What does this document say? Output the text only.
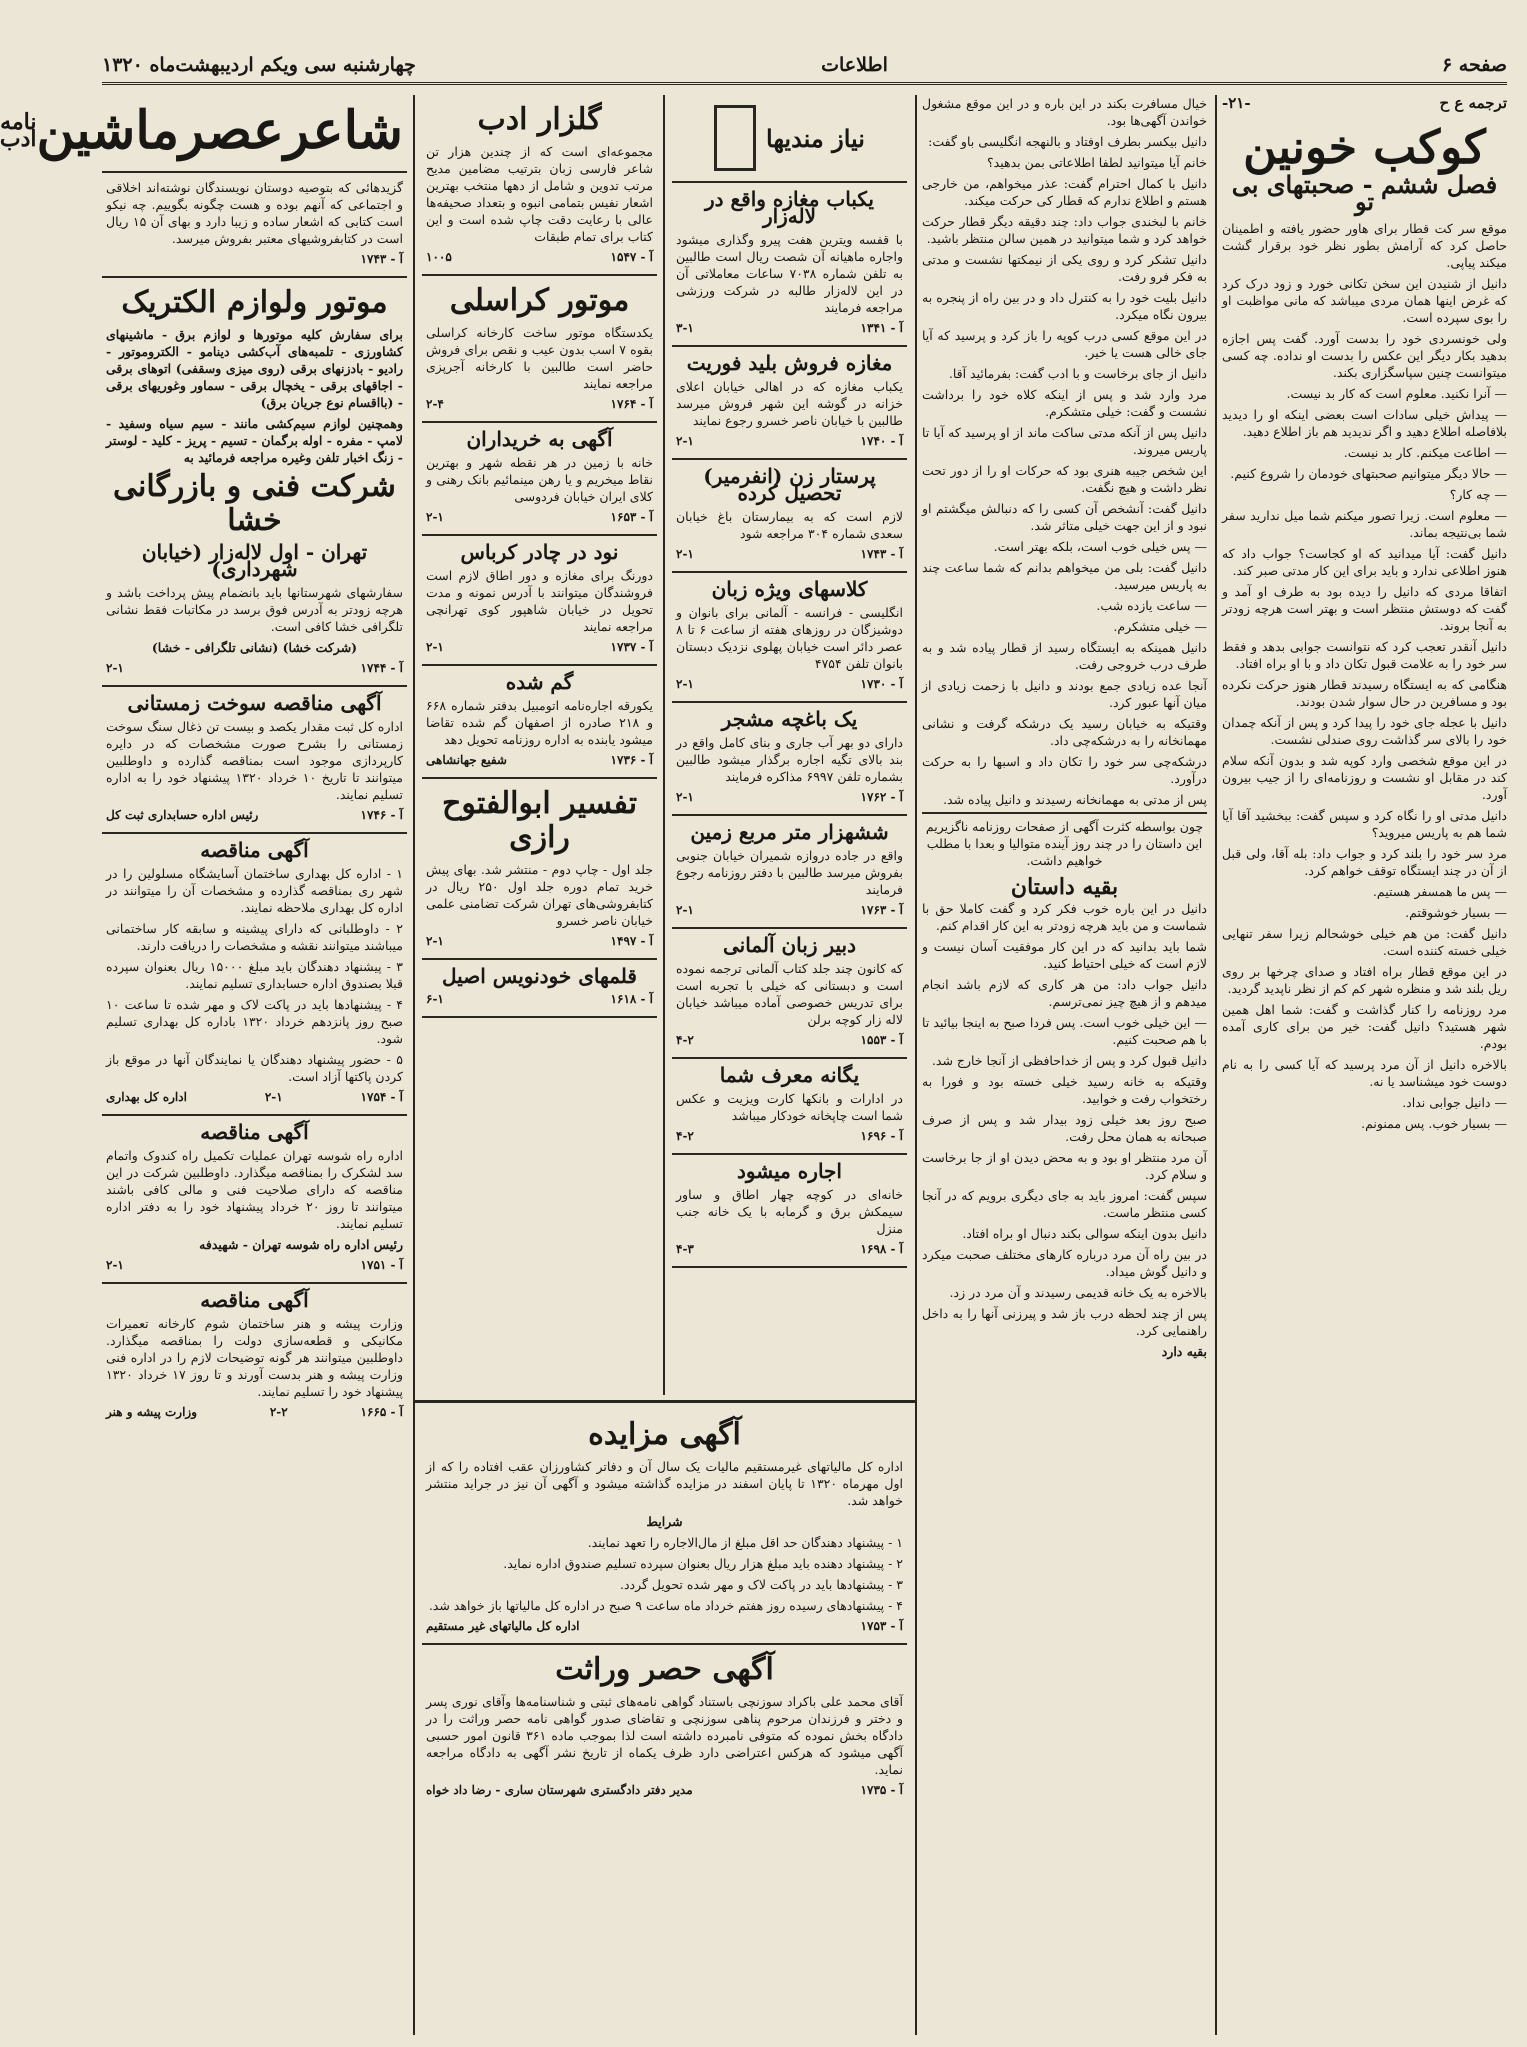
صفحه ۶
اطلاعات
چهارشنبه سی ویکم اردیبهشت‌ماه ۱۳۲۰
ترجمه ع ‌‌‌ح
-۲۱-
کوکب خونین
فصل ششم - صحبتهای بی تو

موقع سر کت قطار برای هاور حضور یافته و اطمینان حاصل کرد که آرامش بطور نظر خود برقرار گشت میکند پیاپی.

دانیل از شنیدن این سخن تکانی خورد و زود درک کرد که غرض اینها همان مردی میباشد که مانی مواظبت او را بوی سپرده است.

ولی خونسردی خود را بدست آورد. گفت پس اجازه بدهید بکار دیگر این عکس را بدست او نداده. چه کسی میتوانست چنین سپاسگزاری بکند.

— آنرا نکنید. معلوم است که کار بد نیست.

— پیداش خیلی سادات است بعضی اینکه او را دیدید بلافاصله اطلاع دهید و اگر ندیدید هم باز اطلاع دهید.

— اطاعت میکنم. کار بد نیست.

— حالا دیگر میتوانیم صحبتهای خودمان را شروع کنیم.

— چه کار؟

— معلوم است. زیرا تصور میکنم شما میل ندارید سفر شما بی‌نتیجه بماند.

دانیل گفت: آیا میدانید که او کجاست؟ جواب داد که هنوز اطلاعی ندارد و باید برای این کار مدتی صبر کند.

اتفاقا مردی که دانیل را دیده بود به طرف او آمد و گفت که دوستش منتظر است و بهتر است هرچه زودتر به آنجا بروند.

دانیل آنقدر تعجب کرد که نتوانست جوابی بدهد و فقط سر خود را به علامت قبول تکان داد و با او براه افتاد.

هنگامی که به ایستگاه رسیدند قطار هنوز حرکت نکرده بود و مسافرین در حال سوار شدن بودند.

دانیل با عجله جای خود را پیدا کرد و پس از آنکه چمدان خود را بالای سر گذاشت روی صندلی نشست.

در این موقع شخصی وارد کوپه شد و بدون آنکه سلام کند در مقابل او نشست و روزنامه‌ای را از جیب بیرون آورد.

دانیل مدتی او را نگاه کرد و سپس گفت: ببخشید آقا آیا شما هم به پاریس میروید؟

مرد سر خود را بلند کرد و جواب داد: بله آقا، ولی قبل از آن در چند ایستگاه توقف خواهم کرد.

— پس ما همسفر هستیم.

— بسیار خوشوقتم.

دانیل گفت: من هم خیلی خوشحالم زیرا سفر تنهایی خیلی خسته کننده است.

در این موقع قطار براه افتاد و صدای چرخها بر روی ریل بلند شد و منظره شهر کم کم از نظر ناپدید گردید.

مرد روزنامه را کنار گذاشت و گفت: شما اهل همین شهر هستید؟ دانیل گفت: خیر من برای کاری آمده بودم.

بالاخره دانیل از آن مرد پرسید که آیا کسی را به نام دوست خود میشناسد یا نه.

— دانیل جوابی نداد.

— بسیار خوب. پس ممنونم.

خیال مسافرت بکند در این باره و در این موقع مشغول خواندن آگهی‌ها بود.

دانیل بیکسر بطرف اوفتاد و بالنهجه انگلیسی باو گفت:

خانم آیا میتوانید لطفا اطلاعاتی بمن بدهید؟

دانیل با کمال احترام گفت: عذر میخواهم، من خارجی هستم و اطلاع ندارم که قطار کی حرکت میکند.

خانم با لبخندی جواب داد: چند دقیقه دیگر قطار حرکت خواهد کرد و شما میتوانید در همین سالن منتظر باشید.

دانیل تشکر کرد و روی یکی از نیمکتها نشست و مدتی به فکر فرو رفت.

دانیل بلیت خود را به کنترل داد و در بین راه از پنجره به بیرون نگاه میکرد.

در این موقع کسی درب کوپه را باز کرد و پرسید که آیا جای خالی هست یا خیر.

دانیل از جای برخاست و با ادب گفت: بفرمائید آقا.

مرد وارد شد و پس از اینکه کلاه خود را برداشت نشست و گفت: خیلی متشکرم.

دانیل پس از آنکه مدتی ساکت ماند از او پرسید که آیا تا پاریس میروند.

این شخص جیبه هنری بود که حرکات او را از دور تحت نظر داشت و هیچ نگفت.

دانیل گفت: آنشخص آن کسی را که دنبالش میگشتم او نبود و از این جهت خیلی متاثر شد.

— پس خیلی خوب است، بلکه بهتر است.

دانیل گفت: بلی من میخواهم بدانم که شما ساعت چند به پاریس میرسید.

— ساعت یازده شب.

— خیلی متشکرم.

دانیل همینکه به ایستگاه رسید از قطار پیاده شد و به طرف درب خروجی رفت.

آنجا عده زیادی جمع بودند و دانیل با زحمت زیادی از میان آنها عبور کرد.

وقتیکه به خیابان رسید یک درشکه گرفت و نشانی مهمانخانه را به درشکه‌چی داد.

درشکه‌چی سر خود را تکان داد و اسبها را به حرکت درآورد.

پس از مدتی به مهمانخانه رسیدند و دانیل پیاده شد.

چون بواسطه کثرت آگهی از صفحات روزنامه ناگزیریم این داستان را در چند روز آینده متوالیا و بعدا با مطلب خواهیم داشت.

بقیه داستان

دانیل در این باره خوب فکر کرد و گفت کاملا حق با شماست و من باید هرچه زودتر به این کار اقدام کنم.

شما باید بدانید که در این کار موفقیت آسان نیست و لازم است که خیلی احتیاط کنید.

دانیل جواب داد: من هر کاری که لازم باشد انجام میدهم و از هیچ چیز نمی‌ترسم.

— این خیلی خوب است. پس فردا صبح به اینجا بیائید تا با هم صحبت کنیم.

دانیل قبول کرد و پس از خداحافظی از آنجا خارج شد.

وقتیکه به خانه رسید خیلی خسته بود و فورا به رختخواب رفت و خوابید.

صبح روز بعد خیلی زود بیدار شد و پس از صرف صبحانه به همان محل رفت.

آن مرد منتظر او بود و به محض دیدن او از جا برخاست و سلام کرد.

سپس گفت: امروز باید به جای دیگری برویم که در آنجا کسی منتظر ماست.

دانیل بدون اینکه سوالی بکند دنبال او براه افتاد.

در بین راه آن مرد درباره کارهای مختلف صحبت میکرد و دانیل گوش میداد.

بالاخره به یک خانه قدیمی رسیدند و آن مرد در زد.

پس از چند لحظه درب باز شد و پیرزنی آنها را به داخل راهنمایی کرد.

بقیه دارد

نیاز مندیها
یکباب مغازه واقع در لاله‌زار

با قفسه ویترین هفت پیرو وگذاری میشود واجاره ماهیانه آن شصت ریال است طالبین به تلفن شماره ۷۰۳۸ ساعات معاملاتی آن در این لاله‌زار طالبه در شرکت ورزشی مراجعه فرمایند

آ - ۱۳۴۱
۳-۱
مغازه فروش بلید فوریت

یکباب مغازه که در اهالی خیابان اعلای خزانه در گوشه این شهر فروش میرسد طالبین با خیابان ناصر خسرو رجوع نمایند

آ - ۱۷۴۰
۲-۱
پرستار زن (انفرمیر) تحصیل کرده

لازم است که به بیمارستان باغ خیابان سعدی شماره ۳۰۴ مراجعه شود

آ - ۱۷۴۳
۲-۱
کلاسهای ویژه زبان

انگلیسی - فرانسه - آلمانی برای بانوان و دوشیزگان در روزهای هفته از ساعت ۶ تا ۸ عصر دائر است خیابان پهلوی نزدیک دبستان بانوان تلفن ۴۷۵۴

آ - ۱۷۳۰
۲-۱
یک باغچه مشجر

دارای دو بهر آب جاری و بنای کامل واقع در بند بالای تگیه اجاره برگذار میشود طالبین بشماره تلفن ۶۹۹۷ مذاکره فرمایند

آ - ۱۷۶۲
۲-۱
ششهزار متر مربع زمین

واقع در جاده دروازه شمیران خیابان جنوبی بفروش میرسد طالبین با دفتر روزنامه رجوع فرمایند

آ - ۱۷۶۳
۲-۱
دبیر زبان آلمانی

که کانون چند جلد کتاب آلمانی ترجمه نموده است و دبستانی که خیلی با تجربه است برای تدریس خصوصی آماده میباشد خیابان لاله زار کوچه برلن

آ - ۱۵۵۳
۴-۲
یگانه معرف شما

در ادارات و بانکها کارت ویزیت و عکس شما است چاپخانه خودکار میباشد

آ - ۱۶۹۶
۴-۲
اجاره میشود

خانه‌ای در کوچه چهار اطاق و ساور سیمکش برق و گرمابه با یک خانه جنب منزل

آ - ۱۶۹۸
۴-۳
گلزار ادب

مجموعه‌ای است که از چندین هزار تن شاعر فارسی زبان بترتیب مضامین مدیح مرتب تدوین و شامل از دهها منتخب بهترین اشعار نفیس بتمامی انبوه و بتعداد صحیفه‌ها عالی با رعایت دقت چاپ شده است و این کتاب برای تمام طبقات

آ - ۱۵۴۷
۱۰۰۵
موتور کراسلی

یکدستگاه موتور ساخت کارخانه کراسلی بقوه ۷ اسب بدون عیب و نقص برای فروش حاضر است طالبین با کارخانه آجرپزی مراجعه نمایند

آ - ۱۷۶۴
۲-۴
آگهی به خریداران

خانه با زمین در هر نقطه شهر و بهترین نقاط میخریم و یا رهن مینمائیم بانک رهنی و کلای ایران خیابان فردوسی

آ - ۱۶۵۳
۲-۱
نود در چادر کرباس

دورنگ برای مغازه و دور اطاق لازم است فروشندگان میتوانند با آدرس نمونه و مدت تحویل در خیابان شاهپور کوی تهرانچی مراجعه نمایند

آ - ۱۷۳۷
۲-۱
گم شده

یکورقه اجاره‌نامه اتومبیل بدفتر شماره ۶۶۸ و ۲۱۸ صادره از اصفهان گم شده تقاضا میشود یابنده به اداره روزنامه تحویل دهد

آ - ۱۷۳۶
شفیع جهانشاهی
تفسیر ابوالفتوح رازی

جلد اول - چاپ دوم - منتشر شد. بهای پیش خرید تمام دوره جلد اول ۲۵۰ ریال در کتابفروشی‌های تهران شرکت تضامنی علمی خیابان ناصر خسرو

آ - ۱۴۹۷
۲-۱
قلمهای خودنویس اصیل
آ - ۱۶۱۸
۶-۱
آگهی مزایده

اداره کل مالیاتهای غیرمستقیم مالیات یک سال آن و دفاتر کشاورزان عقب افتاده را که از اول مهرماه ۱۳۲۰ تا پایان اسفند در مزایده گذاشته میشود و آگهی آن نیز در جراید منتشر خواهد شد.

شرایط

۱ - پیشنهاد دهندگان حد اقل مبلغ از مال‌الاجاره را تعهد نمایند.

۲ - پیشنهاد دهنده باید مبلغ هزار ریال بعنوان سپرده تسلیم صندوق اداره نماید.

۳ - پیشنهادها باید در پاکت لاک و مهر شده تحویل گردد.

۴ - پیشنهادهای رسیده روز هفتم خرداد ماه ساعت ۹ صبح در اداره کل مالیاتها باز خواهد شد.

آ - ۱۷۵۳
اداره کل مالیاتهای غیر مستقیم
آگهی حصر وراثت

آقای محمد علی باکراد سوزنچی باستناد گواهی نامه‌های ثبتی و شناسنامه‌ها وآقای نوری پسر و دختر و فرزندان مرحوم پناهی سوزنچی و تقاضای صدور گواهی نامه حصر وراثت را در دادگاه بخش نموده که متوفی نامبرده داشته است لذا بموجب ماده ۳۶۱ قانون امور حسبی آگهی میشود که هرکس اعتراضی دارد ظرف یکماه از تاریخ نشر آگهی به دادگاه مراجعه نماید.

آ - ۱۷۳۵
مدیر دفتر دادگستری شهرستان ساری - رضا داد خواه
شاعرعصرماشین
نامه ادب

گزیدهائی که بتوصیه دوستان نویسندگان نوشته‌اند اخلاقی و اجتماعی که آنهم بوده و هست چگونه بگوییم. چه نیکو است کتابی که اشعار ساده و زیبا دارد و بهای آن ۱۵ ریال است در کتابفروشیهای معتبر بفروش میرسد.

آ - ۱۷۴۳
موتور ولوازم الکتریک

برای سفارش کلیه موتورها و لوازم برق - ماشینهای کشاورزی - تلمبه‌های آب‌کشی دینامو - الکتروموتور - رادیو - بادزنهای برقی (روی میزی وسقفی) اتوهای برقی - اجاقهای برقی - یخچال برقی - سماور وغوریهای برقی - (بااقسام نوع جریان برق)

وهمچنین لوازم سیم‌کشی مانند - سیم سیاه وسفید - لامپ - مفره - اوله برگمان - تسیم - پریز - کلید - لوستر - زنگ اخبار تلفن وغیره مراجعه فرمائید به

شرکت فنی و بازرگانی خشا
تهران - اول لاله‌زار (خیابان شهرداری)

سفارشهای شهرستانها باید بانضمام پیش پرداخت باشد و هرچه زودتر به آدرس فوق برسد در مکاتبات فقط نشانی تلگرافی خشا کافی است.

(شرکت خشا) (نشانی تلگرافی - خشا)

آ - ۱۷۴۴
۲-۱
آگهی مناقصه سوخت زمستانی

اداره کل ثبت مقدار یکصد و بیست تن ذغال سنگ سوخت زمستانی را بشرح صورت مشخصات که در دایره کارپردازی موجود است بمناقصه گذارده و داوطلبین میتوانند تا تاریخ ۱۰ خرداد ۱۳۲۰ پیشنهاد خود را به اداره تسلیم نمایند.

آ - ۱۷۴۶
رئیس اداره حسابداری ثبت کل
آگهی مناقصه

۱ - اداره کل بهداری ساختمان آسایشگاه مسلولین را در شهر ری بمناقصه گذارده و مشخصات آن را میتوانند در اداره کل بهداری ملاحظه نمایند.

۲ - داوطلبانی که دارای پیشینه و سابقه کار ساختمانی میباشند میتوانند نقشه و مشخصات را دریافت دارند.

۳ - پیشنهاد دهندگان باید مبلغ ۱۵۰۰۰ ریال بعنوان سپرده قبلا بصندوق اداره حسابداری تسلیم نمایند.

۴ - پیشنهادها باید در پاکت لاک و مهر شده تا ساعت ۱۰ صبح روز پانزدهم خرداد ۱۳۲۰ باداره کل بهداری تسلیم شود.

۵ - حضور پیشنهاد دهندگان یا نمایندگان آنها در موقع باز کردن پاکتها آزاد است.

آ - ۱۷۵۴
۲-۱
اداره کل بهداری
آگهی مناقصه

اداره راه شوسه تهران عملیات تکمیل راه کندوک واتمام سد لشکرک را بمناقصه میگذارد. داوطلبین شرکت در این مناقصه که دارای صلاحیت فنی و مالی کافی باشند میتوانند تا روز ۲۰ خرداد پیشنهاد خود را به دفتر اداره تسلیم نمایند.

رئیس اداره راه شوسه تهران - شهیدفه

آ - ۱۷۵۱
۲-۱
آگهی مناقصه

وزارت پیشه و هنر ساختمان شوم کارخانه تعمیرات مکانیکی و قطعه‌سازی دولت را بمناقصه میگذارد. داوطلبین میتوانند هر گونه توضیحات لازم را در اداره فنی وزارت پیشه و هنر بدست آورند و تا روز ۱۷ خرداد ۱۳۲۰ پیشنهاد خود را تسلیم نمایند.

آ - ۱۶۶۵
۲-۲
وزارت پیشه و هنر
